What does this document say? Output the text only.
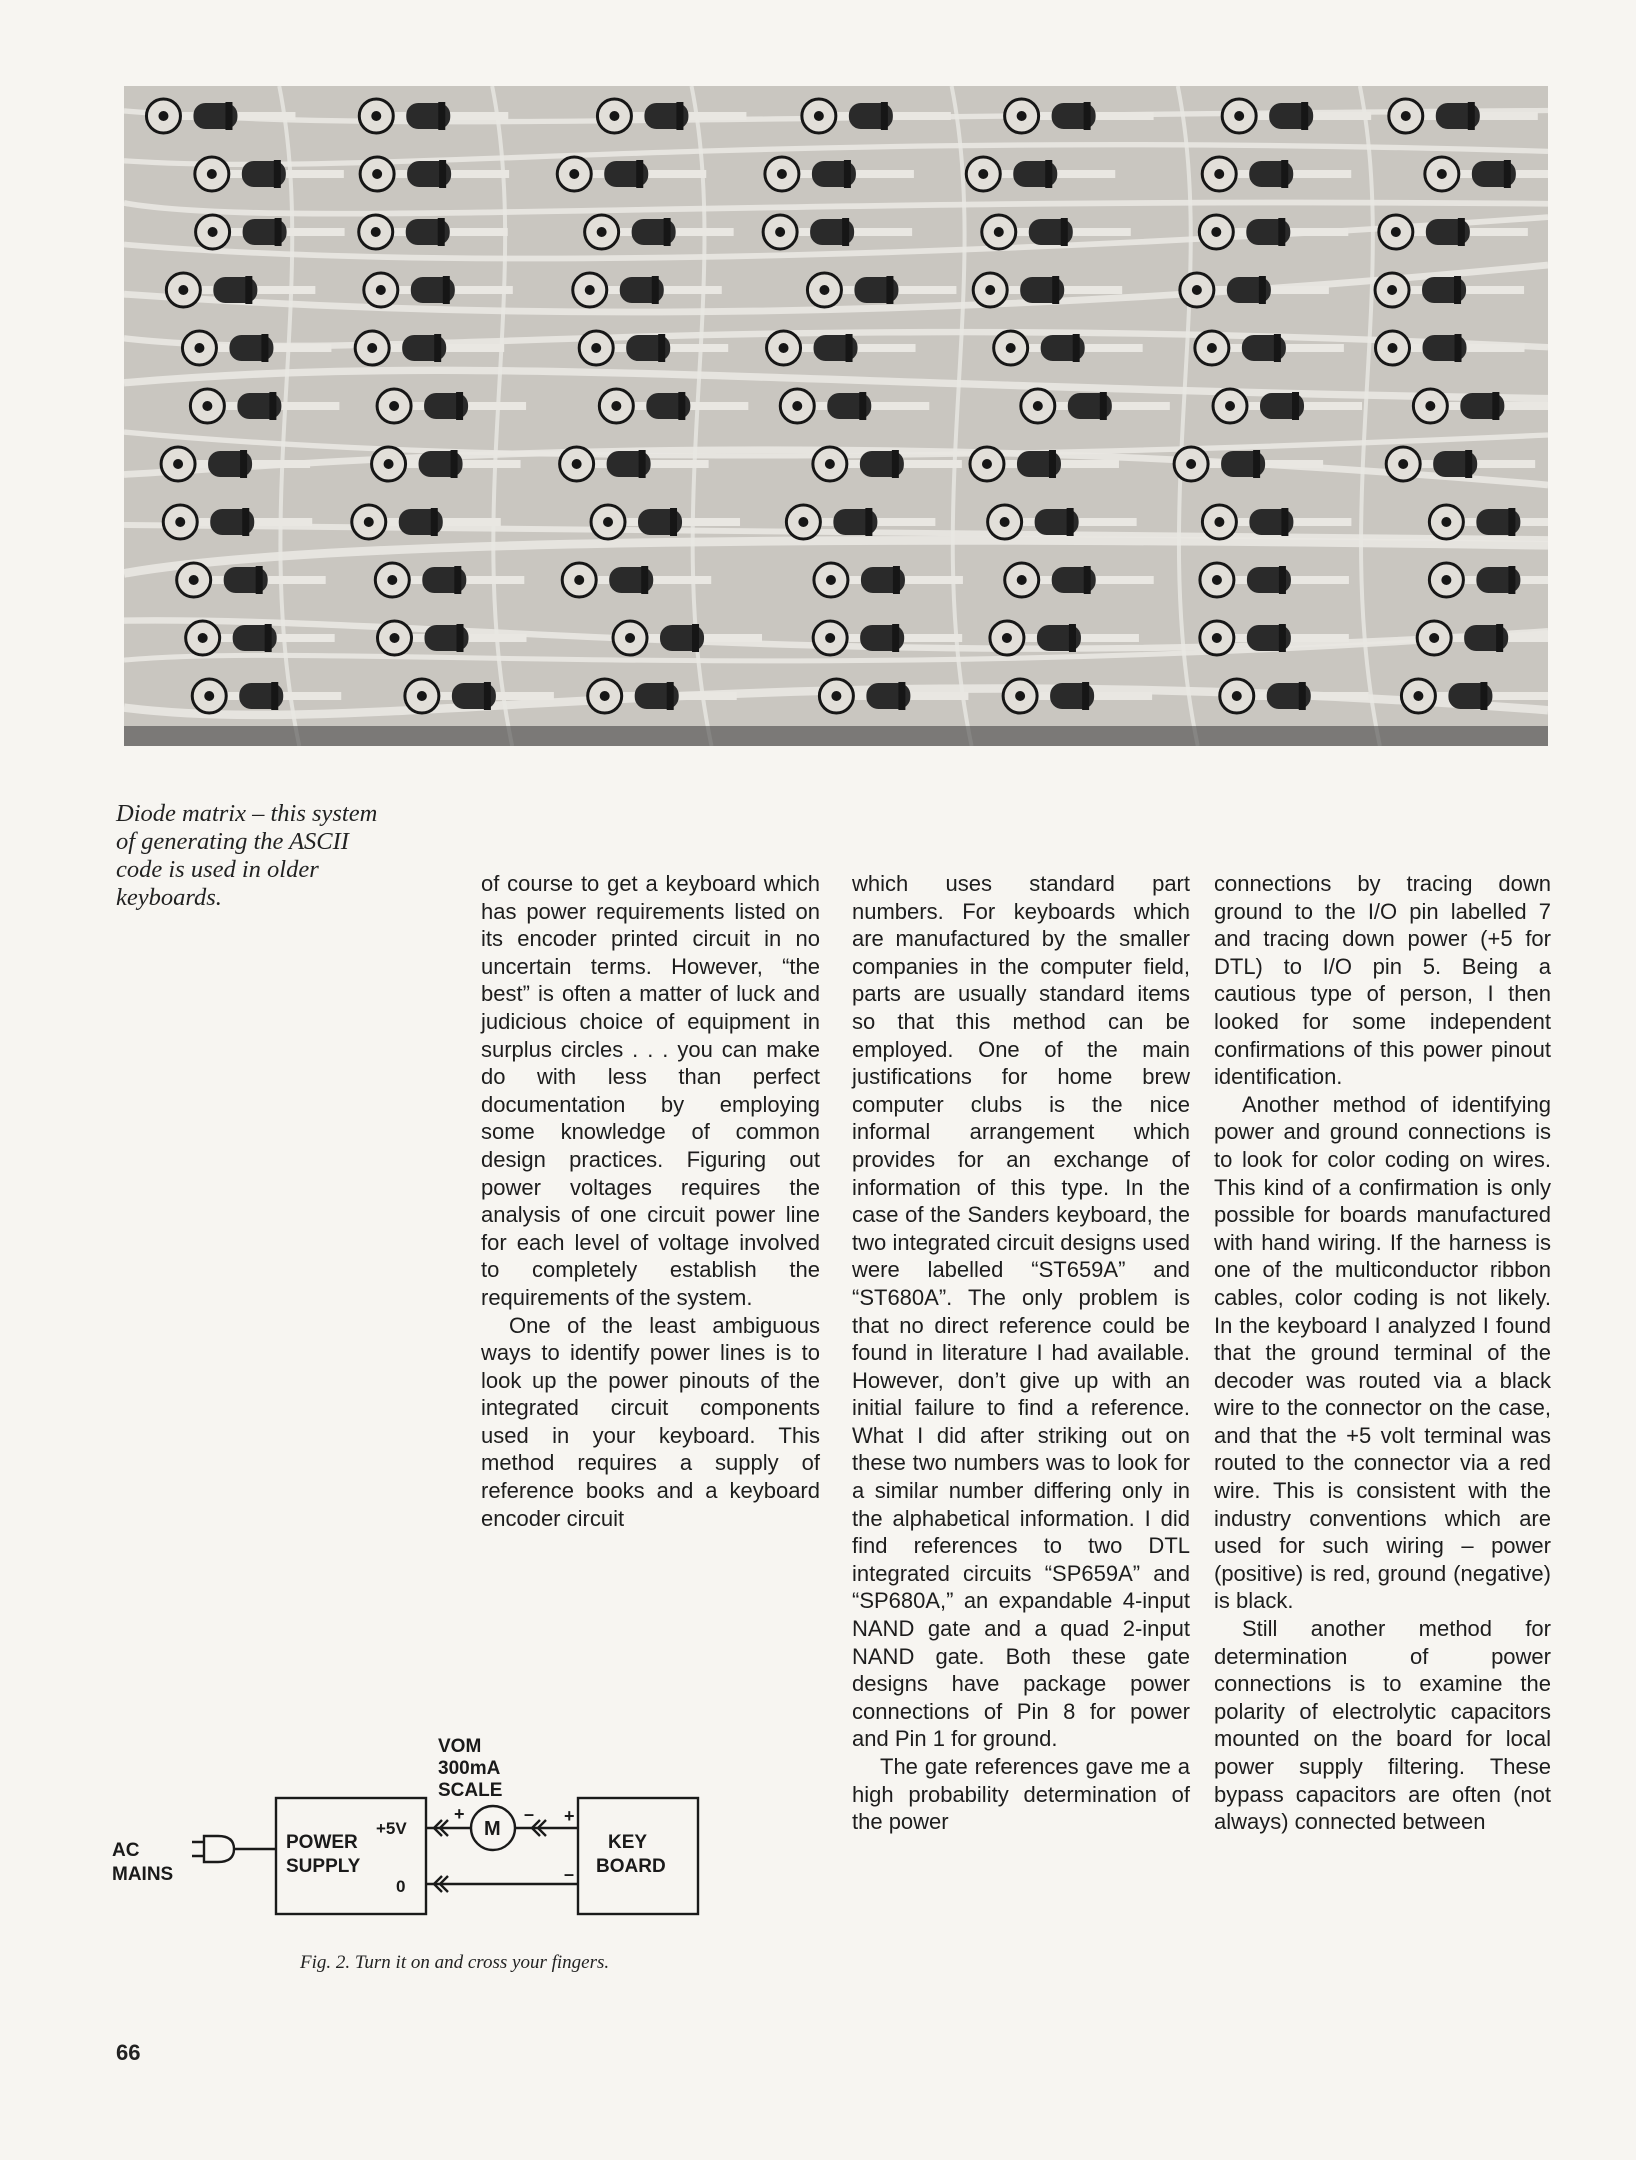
Diode matrix – this system of generating the ASCII code is used in older keyboards.

of course to get a keyboard which has power requirements listed on its encoder printed circuit in no uncertain terms. However, “the best” is often a matter of luck and judicious choice of equipment in surplus circles . . . you can make do with less than perfect documentation by employing some knowledge of common design practices. Figuring out power voltages requires the analysis of one circuit power line for each level of voltage involved to completely establish the requirements of the system.

One of the least ambiguous ways to identify power lines is to look up the power pinouts of the integrated circuit components used in your keyboard. This method requires a supply of reference books and a keyboard encoder circuit

which uses standard part numbers. For keyboards which are manufactured by the smaller companies in the computer field, parts are usually standard items so that this method can be employed. One of the main justifications for home brew computer clubs is the nice informal arrangement which provides for an exchange of information of this type. In the case of the Sanders keyboard, the two integrated circuit designs used were labelled “ST659A” and “ST680A”. The only problem is that no direct reference could be found in literature I had available. However, don’t give up with an initial failure to find a reference. What I did after striking out on these two numbers was to look for a similar number differing only in the alphabetical information. I did find references to two DTL integrated circuits “SP659A” and “SP680A,” an expandable 4-input NAND gate and a quad 2-input NAND gate. Both these gate designs have package power connections of Pin 8 for power and Pin 1 for ground.

The gate references gave me a high probability determination of the power

connections by tracing down ground to the I/O pin labelled 7 and tracing down power (+5 for DTL) to I/O pin 5. Being a cautious type of person, I then looked for some independent confirmations of this power pinout identification.

Another method of identifying power and ground connections is to look for color coding on wires. This kind of a confirmation is only possible for boards manufactured with hand wiring. If the harness is one of the multiconductor ribbon cables, color coding is not likely. In the keyboard I analyzed I found that the ground terminal of the decoder was routed via a black wire to the connector on the case, and that the +5 volt terminal was routed to the connector via a red wire. This is consistent with the industry conventions which are used for such wiring – power (positive) is red, ground (negative) is black.

Still another method for determination of power connections is to examine the polarity of electrolytic capacitors mounted on the board for local power supply filtering. These bypass capacitors are often (not always) connected between

AC
MAINS
POWER
SUPPLY
+5V
0
VOM
300mA
SCALE
M
+	–
KEY
BOARD
+
–
Fig. 2. Turn it on and cross your fingers.
66
